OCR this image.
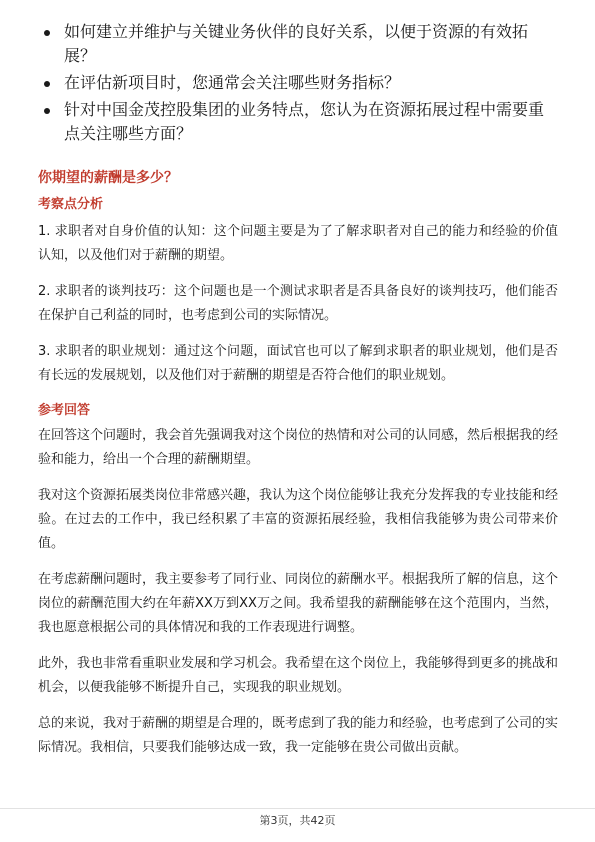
如何建立并维护与关键业务伙伴的良好关系，以便于资源的有效拓展？
在评估新项目时，您通常会关注哪些财务指标？
针对中国金茂控股集团的业务特点，您认为在资源拓展过程中需要重点关注哪些方面？

你期望的薪酬是多少？

考察点分析

1. 求职者对自身价值的认知：这个问题主要是为了了解求职者对自己的能力和经验的价值认知，以及他们对于薪酬的期望。

2. 求职者的谈判技巧：这个问题也是一个测试求职者是否具备良好的谈判技巧，他们能否在保护自己利益的同时，也考虑到公司的实际情况。

3. 求职者的职业规划：通过这个问题，面试官也可以了解到求职者的职业规划，他们是否有长远的发展规划，以及他们对于薪酬的期望是否符合他们的职业规划。

参考回答

在回答这个问题时，我会首先强调我对这个岗位的热情和对公司的认同感，然后根据我的经验和能力，给出一个合理的薪酬期望。

我对这个资源拓展类岗位非常感兴趣，我认为这个岗位能够让我充分发挥我的专业技能和经验。在过去的工作中，我已经积累了丰富的资源拓展经验，我相信我能够为贵公司带来价值。

在考虑薪酬问题时，我主要参考了同行业、同岗位的薪酬水平。根据我所了解的信息，这个岗位的薪酬范围大约在年薪XX万到XX万之间。我希望我的薪酬能够在这个范围内，当然，我也愿意根据公司的具体情况和我的工作表现进行调整。

此外，我也非常看重职业发展和学习机会。我希望在这个岗位上，我能够得到更多的挑战和机会，以便我能够不断提升自己，实现我的职业规划。

总的来说，我对于薪酬的期望是合理的，既考虑到了我的能力和经验，也考虑到了公司的实际情况。我相信，只要我们能够达成一致，我一定能够在贵公司做出贡献。

第3页，共42页
